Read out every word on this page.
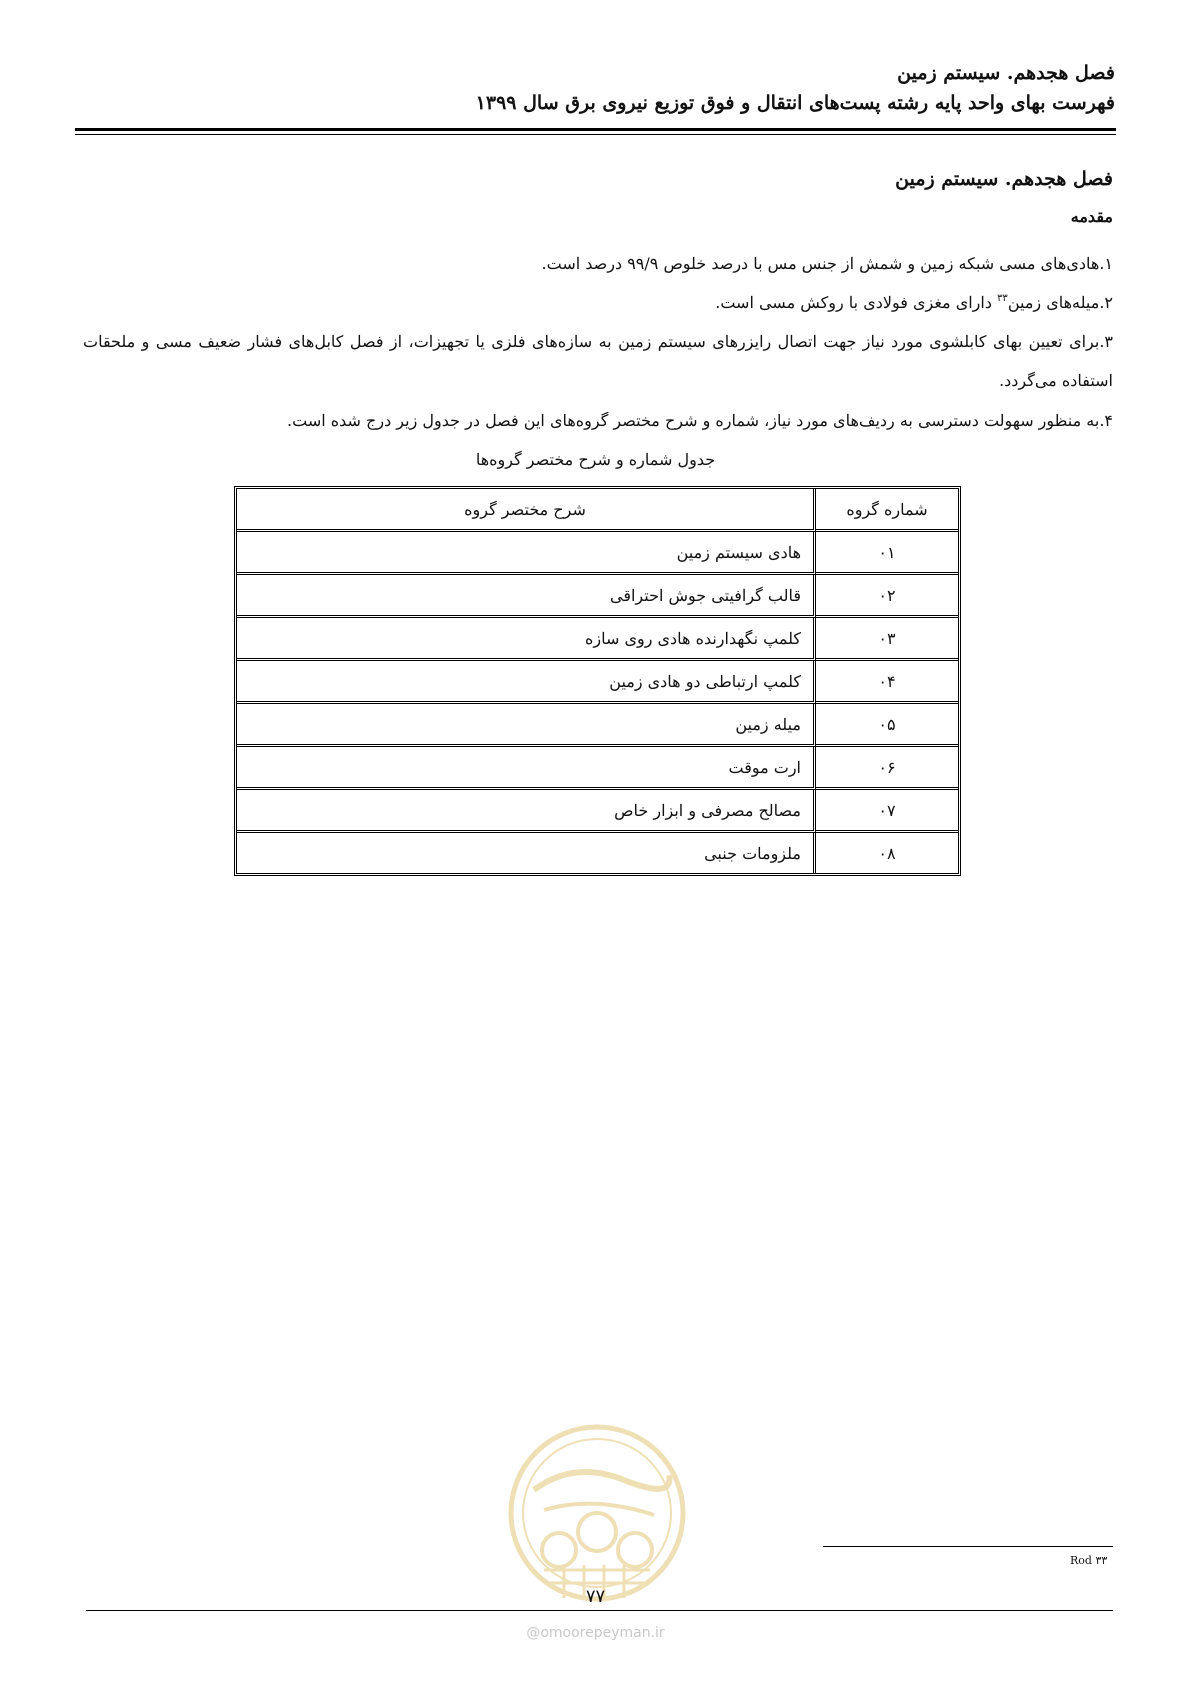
فصل هجدهم. سیستم زمین

فهرست بهای واحد پایه رشته پست‌های انتقال و فوق توزیع نیروی برق سال ۱۳۹۹

فصل هجدهم. سیستم زمین
مقدمه

۱.هادی‌های مسی شبکه زمین و شمش از جنس مس با درصد خلوص ۹۹/۹ درصد است.

۲.میله‌های زمین$^{۳۳}$ دارای مغزی فولادی با روکش مسی است.

۳.برای تعیین بهای کابلشوی مورد نیاز جهت اتصال رایزرهای سیستم زمین به سازه‌های فلزی یا تجهیزات، از فصل کابل‌های فشار ضعیف مسی و ملحقات استفاده می‌گردد.

۴.به منظور سهولت دسترسی به ردیف‌های مورد نیاز، شماره و شرح مختصر گروه‌های این فصل در جدول زیر درج شده است.

جدول شماره و شرح مختصر گروه‌ها
شماره گروه	شرح مختصر گروه
۰۱	هادی سیستم زمین
۰۲	قالب گرافیتی جوش احتراقی
۰۳	کلمپ نگهدارنده هادی روی سازه
۰۴	کلمپ ارتباطی دو هادی زمین
۰۵	میله زمین
۰۶	ارت موقت
۰۷	مصالح مصرفی و ابزار خاص
۰۸	ملزومات جنبی
Rod ۳۳
۷۷
@omoorepeyman.ir
